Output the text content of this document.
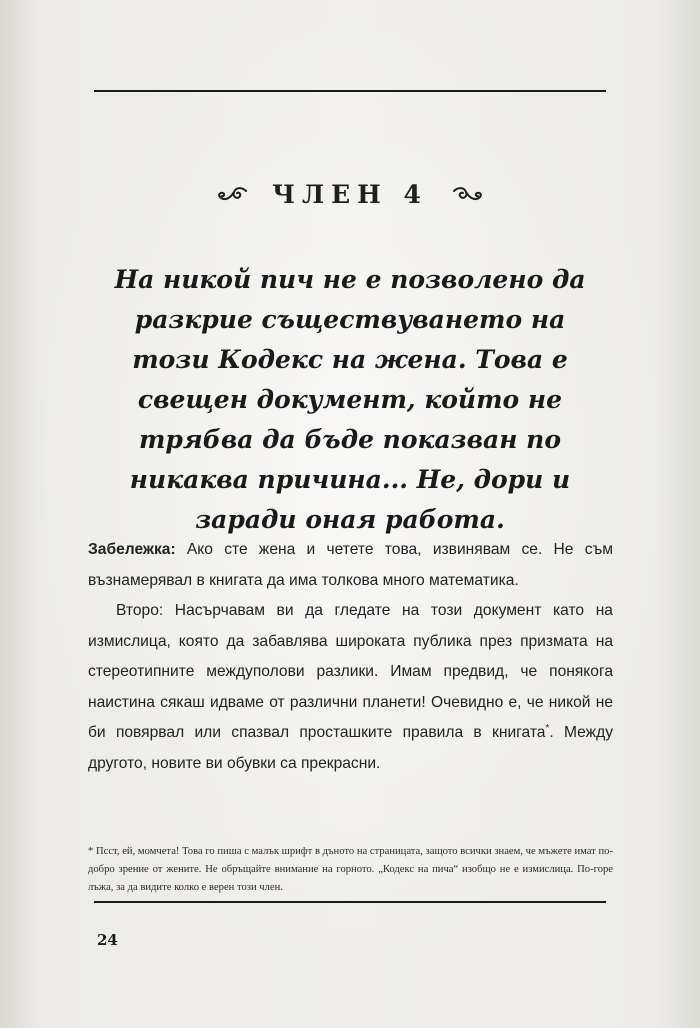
ЧЛЕН 4
На никой пич не е позволено да разкрие съществуването на този Кодекс на жена. Това е свещен документ, който не трябва да бъде показван по никаква причина... Не, дори и заради оная работа.

Забележка: Ако сте жена и четете това, извинявам се. Не съм възнамерявал в книгата да има толкова много математика.

Второ: Насърчавам ви да гледате на този документ като на измислица, която да забавлява широката публика през призмата на стереотипните междуполови разлики. Имам предвид, че понякога наистина сякаш идваме от различни планети! Очевидно е, че никой не би повярвал или спазвал просташките правила в книгата*. Между другото, новите ви обувки са прекрасни.

* Псст, ей, момчета! Това го пиша с малък шрифт в дъното на страницата, защото всички знаем, че мъжете имат по-добро зрение от жените. Не обръщайте внимание на горното. „Кодекс на пича“ изобщо не е измислица. По-горе лъжа, за да видите колко е верен този член.
24
